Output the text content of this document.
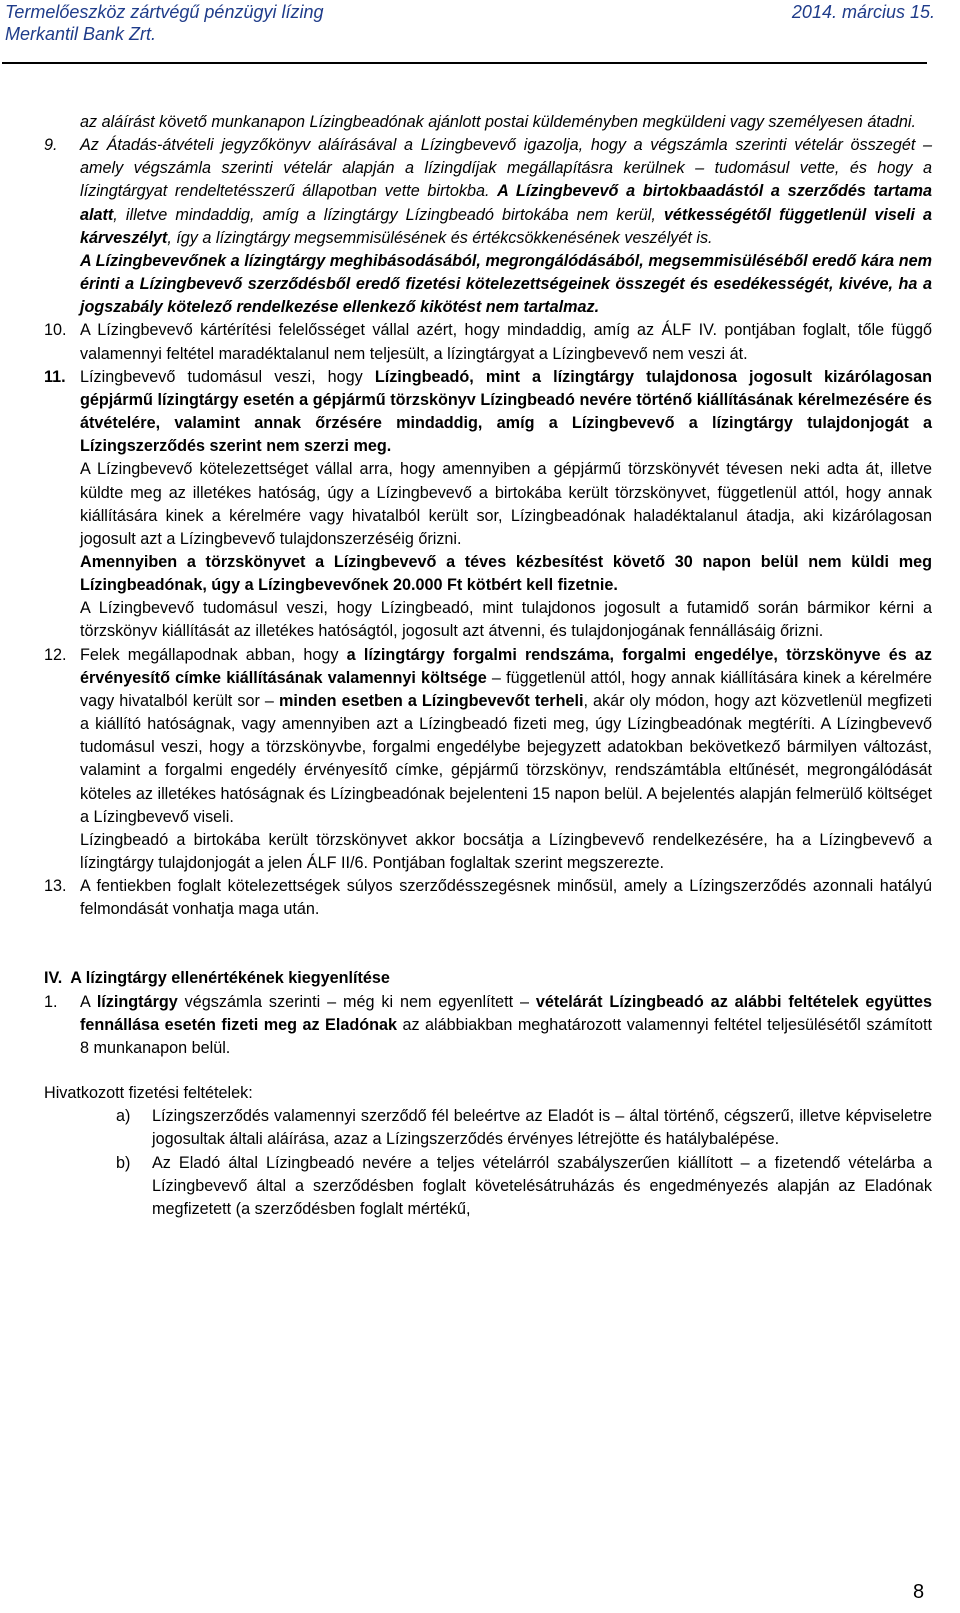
Termelőeszköz zártvégű pénzügyi lízing	2014. március 15.
Merkantil Bank Zrt.

az aláírást követő munkanapon Lízingbeadónak ajánlott postai küldeményben megküldeni vagy személyesen átadni.

9. Az Átadás-átvételi jegyzőkönyv aláírásával a Lízingbevevő igazolja, hogy a végszámla szerinti vételár összegét – amely végszámla szerinti vételár alapján a lízingdíjak megállapításra kerülnek – tudomásul vette, és hogy a lízingtárgyat rendeltetésszerű állapotban vette birtokba. A Lízingbevevő a birtokbaadástól a szerződés tartama alatt, illetve mindaddig, amíg a lízingtárgy Lízingbeadó birtokába nem kerül, vétkességétől függetlenül viseli a kárveszélyt, így a lízingtárgy megsemmisülésének és értékcsökkenésének veszélyét is.

A Lízingbevevőnek a lízingtárgy meghibásodásából, megrongálódásából, megsemmisüléséből eredő kára nem érinti a Lízingbevevő szerződésből eredő fizetési kötelezettségeinek összegét és esedékességét, kivéve, ha a jogszabály kötelező rendelkezése ellenkező kikötést nem tartalmaz.

10. A Lízingbevevő kártérítési felelősséget vállal azért, hogy mindaddig, amíg az ÁLF IV. pontjában foglalt, tőle függő valamennyi feltétel maradéktalanul nem teljesült, a lízingtárgyat a Lízingbevevő nem veszi át.

11. Lízingbevevő tudomásul veszi, hogy Lízingbeadó, mint a lízingtárgy tulajdonosa jogosult kizárólagosan gépjármű lízingtárgy esetén a gépjármű törzskönyv Lízingbeadó nevére történő kiállításának kérelmezésére és átvételére, valamint annak őrzésére mindaddig, amíg a Lízingbevevő a lízingtárgy tulajdonjogát a Lízingszerződés szerint nem szerzi meg.

A Lízingbevevő kötelezettséget vállal arra, hogy amennyiben a gépjármű törzskönyvét tévesen neki adta át, illetve küldte meg az illetékes hatóság, úgy a Lízingbevevő a birtokába került törzskönyvet, függetlenül attól, hogy annak kiállítására kinek a kérelmére vagy hivatalból került sor, Lízingbeadónak haladéktalanul átadja, aki kizárólagosan jogosult azt a Lízingbevevő tulajdonszerzéséig őrizni.

Amennyiben a törzskönyvet a Lízingbevevő a téves kézbesítést követő 30 napon belül nem küldi meg Lízingbeadónak, úgy a Lízingbevevőnek 20.000 Ft kötbért kell fizetnie.

A Lízingbevevő tudomásul veszi, hogy Lízingbeadó, mint tulajdonos jogosult a futamidő során bármikor kérni a törzskönyv kiállítását az illetékes hatóságtól, jogosult azt átvenni, és tulajdonjogának fennállásáig őrizni.

12. Felek megállapodnak abban, hogy a lízingtárgy forgalmi rendszáma, forgalmi engedélye, törzskönyve és az érvényesítő címke kiállításának valamennyi költsége – függetlenül attól, hogy annak kiállítására kinek a kérelmére vagy hivatalból került sor – minden esetben a Lízingbevevőt terheli, akár oly módon, hogy azt közvetlenül megfizeti a kiállító hatóságnak, vagy amennyiben azt a Lízingbeadó fizeti meg, úgy Lízingbeadónak megtéríti. A Lízingbevevő tudomásul veszi, hogy a törzskönyvbe, forgalmi engedélybe bejegyzett adatokban bekövetkező bármilyen változást, valamint a forgalmi engedély érvényesítő címke, gépjármű törzskönyv, rendszámtábla eltűnését, megrongálódását köteles az illetékes hatóságnak és Lízingbeadónak bejelenteni 15 napon belül. A bejelentés alapján felmerülő költséget a Lízingbevevő viseli.

Lízingbeadó a birtokába került törzskönyvet akkor bocsátja a Lízingbevevő rendelkezésére, ha a Lízingbevevő a lízingtárgy tulajdonjogát a jelen ÁLF II/6. Pontjában foglaltak szerint megszerezte.

13. A fentiekben foglalt kötelezettségek súlyos szerződésszegésnek minősül, amely a Lízingszerződés azonnali hatályú felmondását vonhatja maga után.

IV. A lízingtárgy ellenértékének kiegyenlítése

1. A lízingtárgy végszámla szerinti – még ki nem egyenlített – vételárát Lízingbeadó az alábbi feltételek együttes fennállása esetén fizeti meg az Eladónak az alábbiakban meghatározott valamennyi feltétel teljesülésétől számított 8 munkanapon belül.

Hivatkozott fizetési feltételek:

a) Lízingszerződés valamennyi szerződő fél beleértve az Eladót is – által történő, cégszerű, illetve képviseletre jogosultak általi aláírása, azaz a Lízingszerződés érvényes létrejötte és hatálybalépése.

b) Az Eladó által Lízingbeadó nevére a teljes vételárról szabályszerűen kiállított – a fizetendő vételárba a Lízingbevevő által a szerződésben foglalt követelésátruházás és engedményezés alapján az Eladónak megfizetett (a szerződésben foglalt mértékű,

8
